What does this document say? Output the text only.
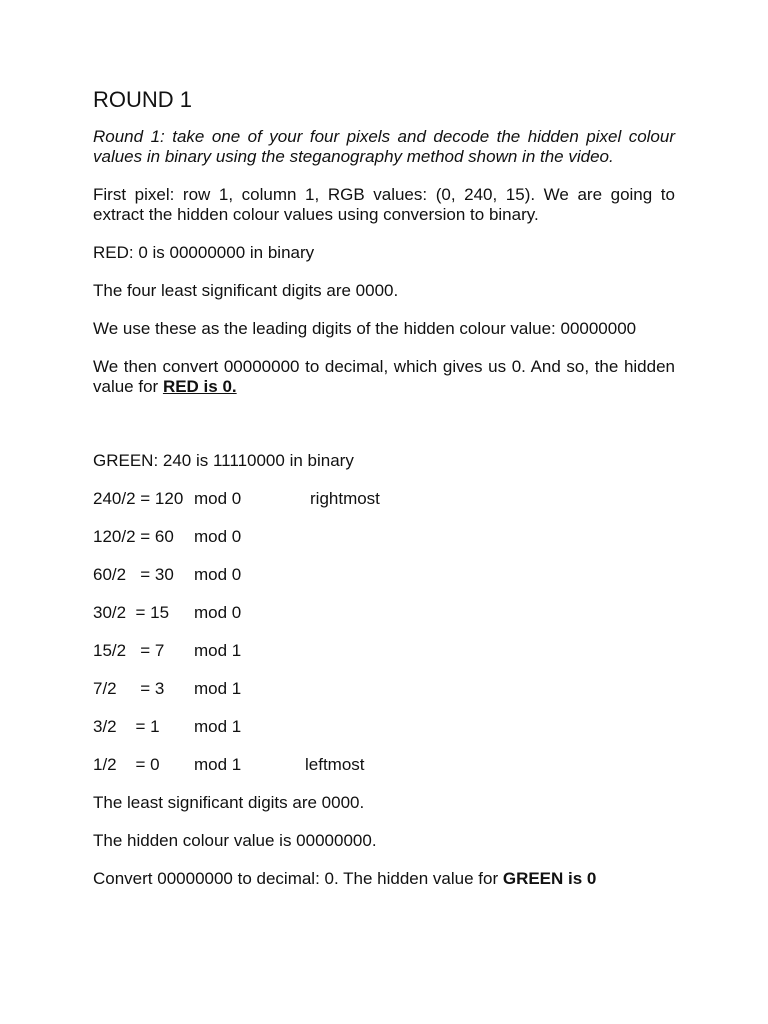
ROUND 1

Round 1: take one of your four pixels and decode the hidden pixel colour values in binary using the steganography method shown in the video.

First pixel: row 1, column 1, RGB values: (0, 240, 15). We are going to extract the hidden colour values using conversion to binary.

RED: 0 is 00000000 in binary

The four least significant digits are 0000.

We use these as the leading digits of the hidden colour value: 00000000

We then convert 00000000 to decimal, which gives us 0. And so, the hidden value for RED is 0.

GREEN: 240 is 11110000 in binary

240/2 = 120 mod 0	rightmost
120/2 = 60	mod 0
60/2   = 30	mod 0
30/2  = 15	mod 0
15/2   = 7	mod 1
7/2     = 3	mod 1
3/2    = 1	mod 1
1/2    = 0	mod 1	leftmost

The least significant digits are 0000.

The hidden colour value is 00000000.

Convert 00000000 to decimal: 0. The hidden value for GREEN is 0
